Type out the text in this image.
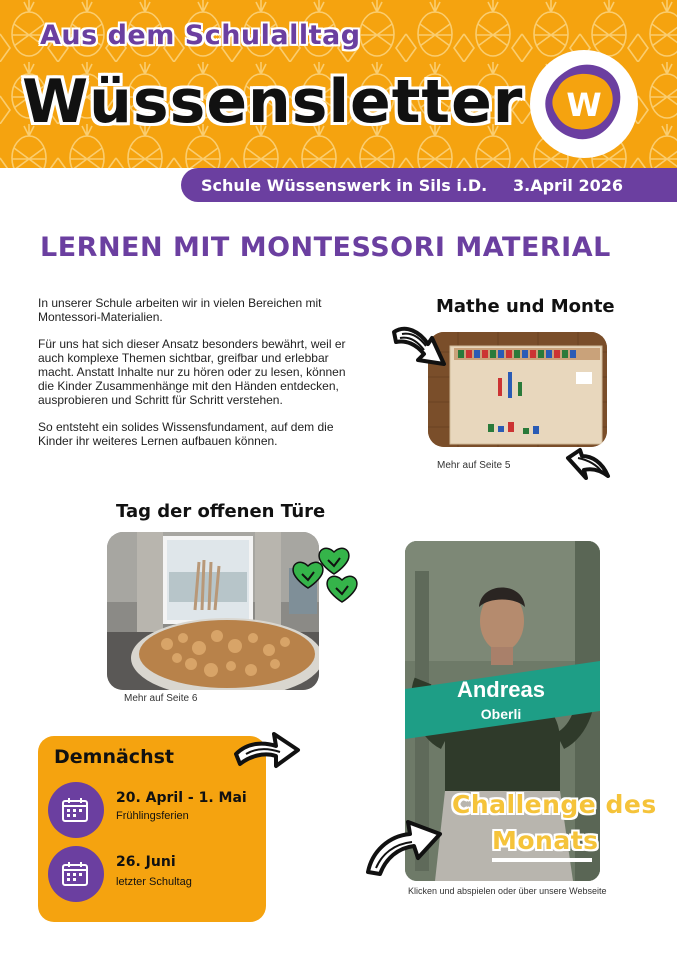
Aus dem Schulalltag
Wüssensletter W
Schule Wüssenswerk in Sils i.D. 3.April 2026
LERNEN MIT MONTESSORI MATERIAL

In unserer Schule arbeiten wir in vielen Bereichen mit Montessori-Materialien.

Für uns hat sich dieser Ansatz besonders bewährt, weil er auch komplexe Themen sichtbar, greifbar und erlebbar macht. Anstatt Inhalte nur zu hören oder zu lesen, können die Kinder Zusammenhänge mit den Händen entdecken, ausprobieren und Schritt für Schritt verstehen.

So entsteht ein solides Wissensfundament, auf dem die Kinder ihr weiteres Lernen aufbauen können.

Mathe und Monte
Mehr auf Seite 5
Tag der offenen Türe
Mehr auf Seite 6
Demnächst
20. April - 1. Mai
Frühlingsferien
26. Juni
letzter Schultag
Andreas
Oberli
Challenge des
Monats
Klicken und abspielen oder über unsere Webseite
